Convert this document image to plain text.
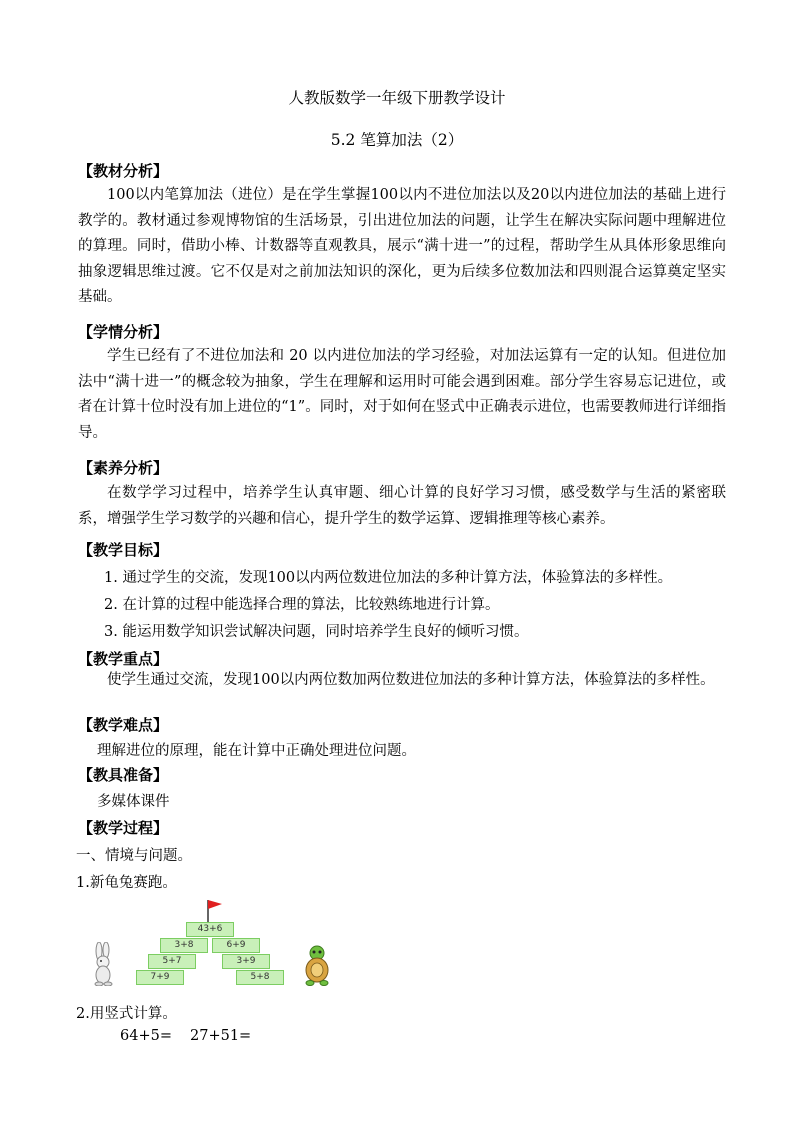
人教版数学一年级下册教学设计
5.2 笔算加法（2）
【教材分析】
100以内笔算加法（进位）是在学生掌握100以内不进位加法以及20以内进位加法的基础上进行教学的。教材通过参观博物馆的生活场景，引出进位加法的问题，让学生在解决实际问题中理解进位的算理。同时，借助小棒、计数器等直观教具，展示“满十进一”的过程，帮助学生从具体形象思维向抽象逻辑思维过渡。它不仅是对之前加法知识的深化，更为后续多位数加法和四则混合运算奠定坚实基础。
【学情分析】
学生已经有了不进位加法和 20 以内进位加法的学习经验，对加法运算有一定的认知。但进位加法中“满十进一”的概念较为抽象，学生在理解和运用时可能会遇到困难。部分学生容易忘记进位，或者在计算十位时没有加上进位的“1”。同时，对于如何在竖式中正确表示进位，也需要教师进行详细指导。
【素养分析】
在数学学习过程中，培养学生认真审题、细心计算的良好学习习惯，感受数学与生活的紧密联系，增强学生学习数学的兴趣和信心，提升学生的数学运算、逻辑推理等核心素养。
【教学目标】
1. 通过学生的交流，发现100以内两位数进位加法的多种计算方法，体验算法的多样性。
2. 在计算的过程中能选择合理的算法，比较熟练地进行计算。
3. 能运用数学知识尝试解决问题，同时培养学生良好的倾听习惯。
【教学重点】
使学生通过交流，发现100以内两位数加两位数进位加法的多种计算方法，体验算法的多样性。
【教学难点】
理解进位的原理，能在计算中正确处理进位问题。
【教具准备】
多媒体课件
【教学过程】
一、情境与问题。
1.新龟兔赛跑。
43+6
3+8	6+9
5+7	3+9
7+9	5+8
2.用竖式计算。
64+5= 27+51=
